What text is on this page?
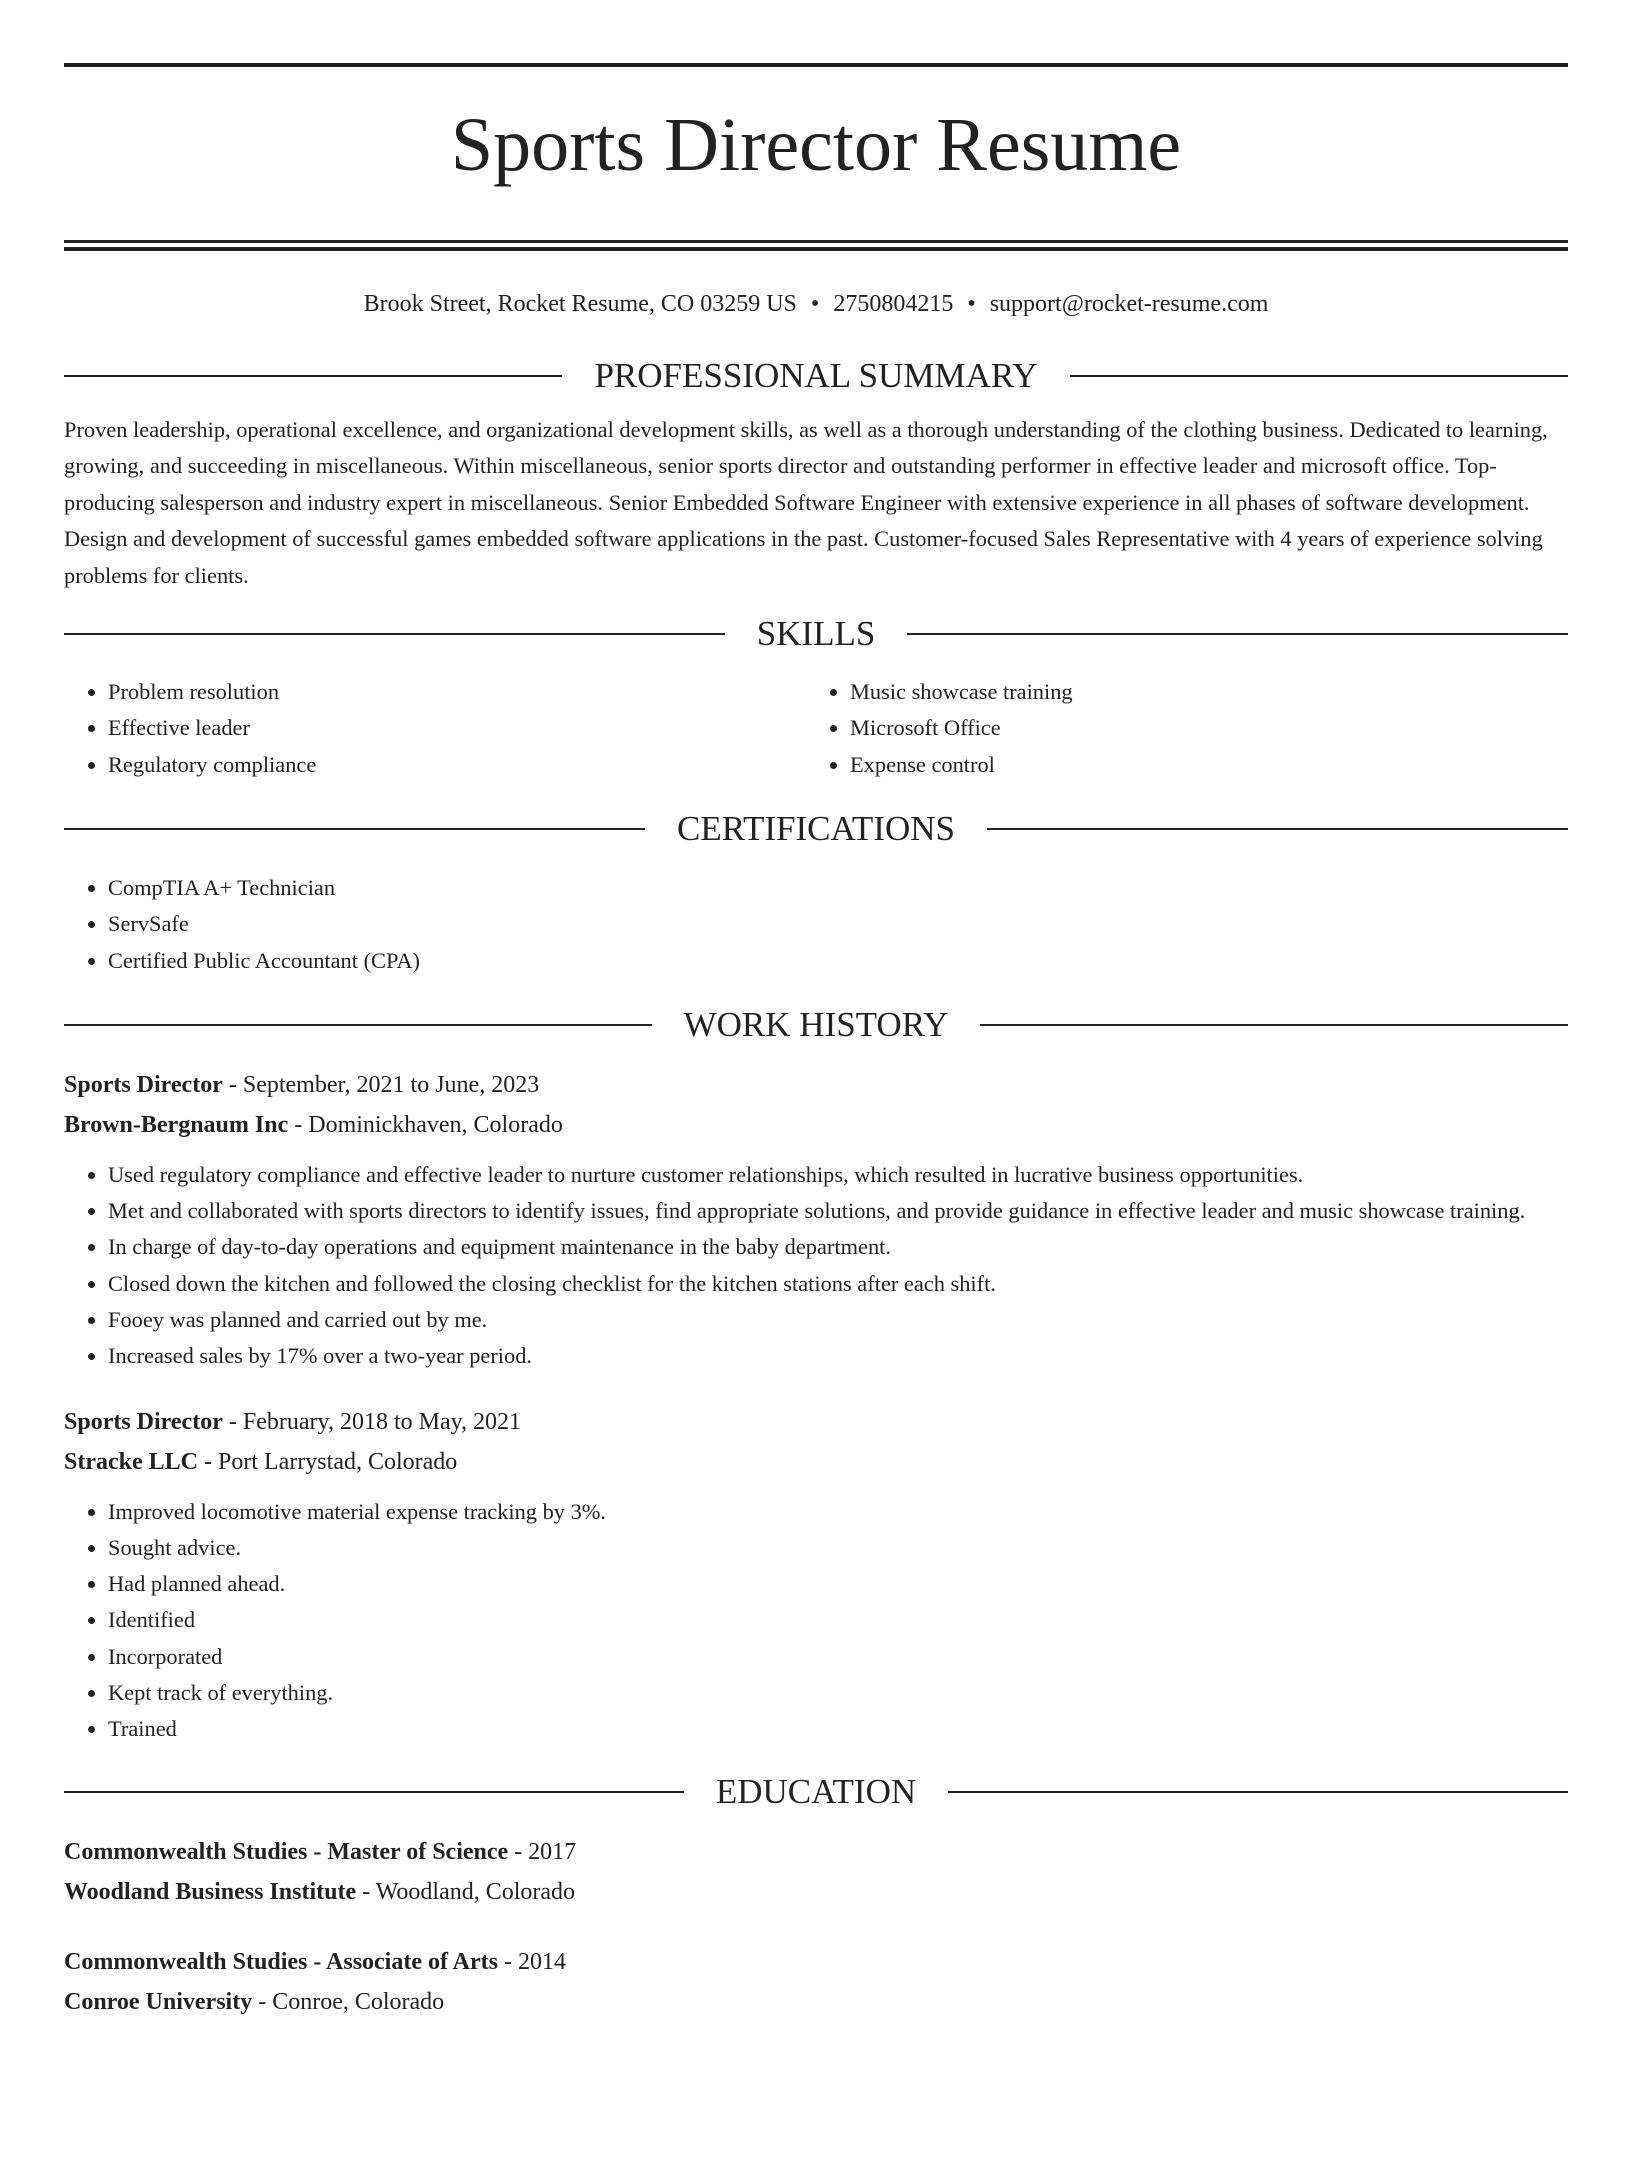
Sports Director Resume
Brook Street, Rocket Resume, CO 03259 US • 2750804215 • support@rocket-resume.com
PROFESSIONAL SUMMARY
Proven leadership, operational excellence, and organizational development skills, as well as a thorough understanding of the clothing business. Dedicated to learning, growing, and succeeding in miscellaneous. Within miscellaneous, senior sports director and outstanding performer in effective leader and microsoft office. Top-producing salesperson and industry expert in miscellaneous. Senior Embedded Software Engineer with extensive experience in all phases of software development. Design and development of successful games embedded software applications in the past. Customer-focused Sales Representative with 4 years of experience solving problems for clients.
SKILLS
• Problem resolution
• Effective leader
• Regulatory compliance
• Music showcase training
• Microsoft Office
• Expense control
CERTIFICATIONS
• CompTIA A+ Technician
• ServSafe
• Certified Public Accountant (CPA)
WORK HISTORY
Sports Director - September, 2021 to June, 2023
Brown-Bergnaum Inc - Dominickhaven, Colorado
• Used regulatory compliance and effective leader to nurture customer relationships, which resulted in lucrative business opportunities.
• Met and collaborated with sports directors to identify issues, find appropriate solutions, and provide guidance in effective leader and music showcase training.
• In charge of day-to-day operations and equipment maintenance in the baby department.
• Closed down the kitchen and followed the closing checklist for the kitchen stations after each shift.
• Fooey was planned and carried out by me.
• Increased sales by 17% over a two-year period.
Sports Director - February, 2018 to May, 2021
Stracke LLC - Port Larrystad, Colorado
• Improved locomotive material expense tracking by 3%.
• Sought advice.
• Had planned ahead.
• Identified
• Incorporated
• Kept track of everything.
• Trained
EDUCATION
Commonwealth Studies - Master of Science - 2017
Woodland Business Institute - Woodland, Colorado
Commonwealth Studies - Associate of Arts - 2014
Conroe University - Conroe, Colorado
